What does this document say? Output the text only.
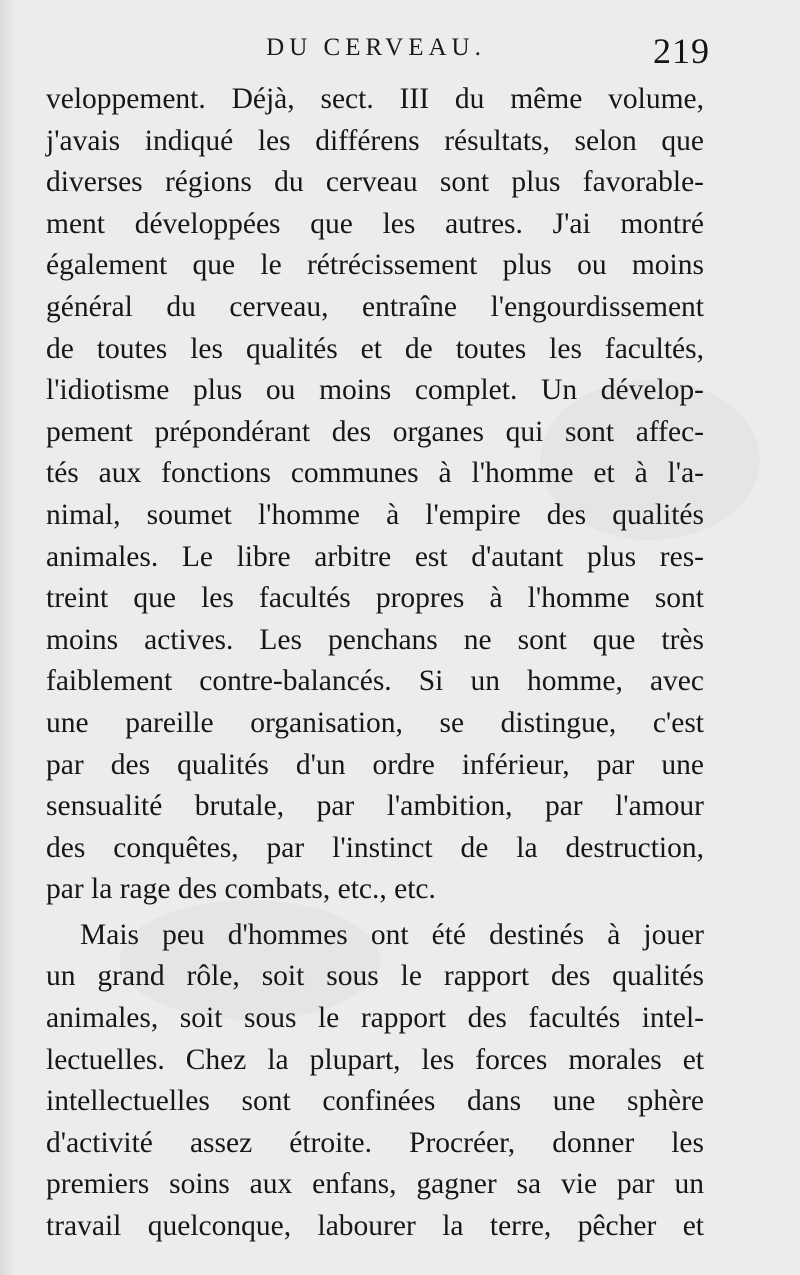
DU CERVEAU.	219
veloppement. Déjà, sect. III du même volume,
j'avais indiqué les différens résultats, selon que
diverses régions du cerveau sont plus favorable-
ment développées que les autres. J'ai montré
également que le rétrécissement plus ou moins
général du cerveau, entraîne l'engourdissement
de toutes les qualités et de toutes les facultés,
l'idiotisme plus ou moins complet. Un dévelop-
pement prépondérant des organes qui sont affec-
tés aux fonctions communes à l'homme et à l'a-
nimal, soumet l'homme à l'empire des qualités
animales. Le libre arbitre est d'autant plus res-
treint que les facultés propres à l'homme sont
moins actives. Les penchans ne sont que très
faiblement contre-balancés. Si un homme, avec
une pareille organisation, se distingue, c'est
par des qualités d'un ordre inférieur, par une
sensualité brutale, par l'ambition, par l'amour
des conquêtes, par l'instinct de la destruction,
par la rage des combats, etc., etc.
Mais peu d'hommes ont été destinés à jouer
un grand rôle, soit sous le rapport des qualités
animales, soit sous le rapport des facultés intel-
lectuelles. Chez la plupart, les forces morales et
intellectuelles sont confinées dans une sphère
d'activité assez étroite. Procréer, donner les
premiers soins aux enfans, gagner sa vie par un
travail quelconque, labourer la terre, pêcher et
